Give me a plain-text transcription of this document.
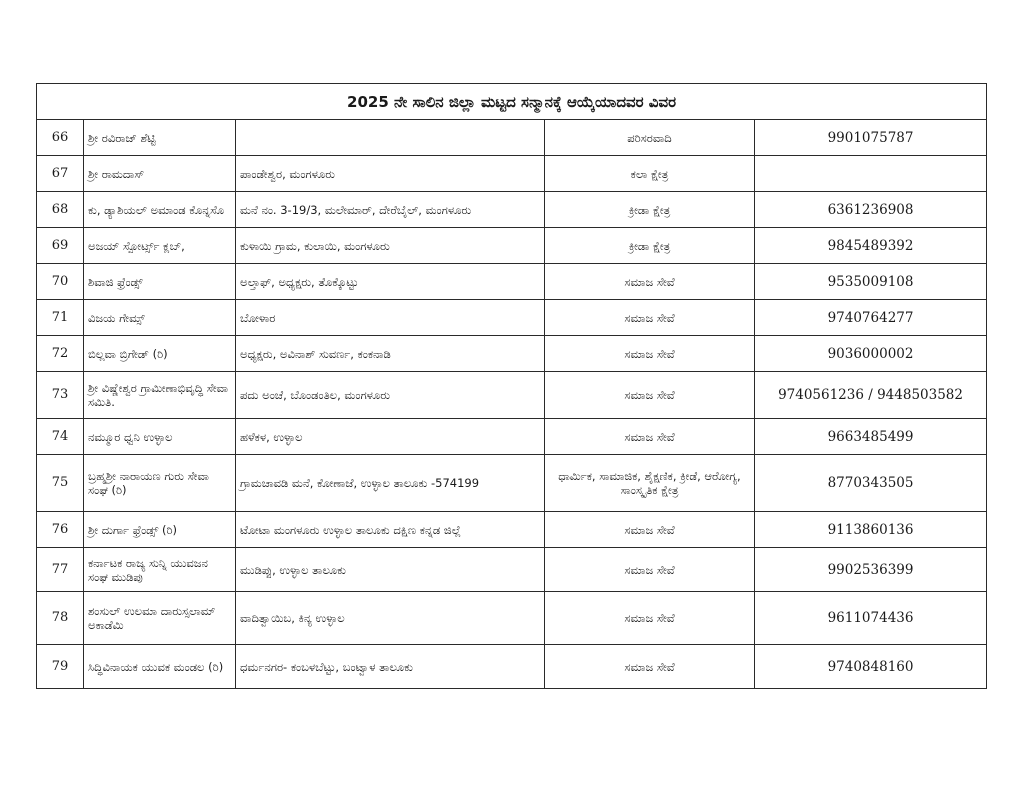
2025 ನೇ ಸಾಲಿನ ಜಿಲ್ಲಾ ಮಟ್ಟದ ಸನ್ಮಾನಕ್ಕೆ ಆಯ್ಕೆಯಾದವರ ವಿವರ				
66	ಶ್ರೀ ರವಿರಾಜ್ ಶೆಟ್ಟಿ		ಪರಿಸರವಾದಿ	9901075787
67	ಶ್ರೀ ರಾಮದಾಸ್	ಪಾಂಡೇಶ್ವರ, ಮಂಗಳೂರು	ಕಲಾ ಕ್ಷೇತ್ರ	
68	ಕು, ಡ್ಯಾಶಿಯಲ್ ಅಮಾಂಡ ಕೊನ್ನಸೊ	ಮನೆ ನಂ. 3-19/3, ಮಲೇಮಾರ್, ದೇರೆಬೈಲ್, ಮಂಗಳೂರು	ಕ್ರೀಡಾ ಕ್ಷೇತ್ರ	6361236908
69	ಅಜಯ್ ಸ್ಪೋರ್ಟ್ಸ್ ಕ್ಲಬ್,	ಕುಳಾಯಿ ಗ್ರಾಮ, ಕುಲಾಯಿ, ಮಂಗಳೂರು	ಕ್ರೀಡಾ ಕ್ಷೇತ್ರ	9845489392
70	ಶಿವಾಜಿ ಫ್ರೆಂಡ್ಸ್	ಅಲ್ತಾಫ್, ಅಧ್ಯಕ್ಷರು, ತೊಕ್ಕೊಟ್ಟು	ಸಮಾಜ ಸೇವೆ	9535009108
71	ವಿಜಯ ಗೇಮ್ಸ್	ಬೋಳಾರ	ಸಮಾಜ ಸೇವೆ	9740764277
72	ಬಿಲ್ಲವಾ ಬ್ರಿಗೇಡ್ (ರಿ)	ಅಧ್ಯಕ್ಷರು, ಅವಿನಾಶ್ ಸುವರ್ಣ, ಕಂಕನಾಡಿ	ಸಮಾಜ ಸೇವೆ	9036000002
73	ಶ್ರೀ ವಿಷ್ಣೇಶ್ವರ ಗ್ರಾಮೀಣಾಭಿವೃದ್ಧಿ ಸೇವಾ ಸಮಿತಿ.	ಪದು ಅಂಚೆ, ಬೊಂಡಂತಿಲ, ಮಂಗಳೂರು	ಸಮಾಜ ಸೇವೆ	9740561236 / 9448503582
74	ನಮ್ಮೂರ ಧ್ವನಿ ಉಳ್ಳಾಲ	ಹಳೆಕಳ, ಉಳ್ಳಾಲ	ಸಮಾಜ ಸೇವೆ	9663485499
75	ಬ್ರಹ್ಮಶ್ರೀ ನಾರಾಯಣ ಗುರು ಸೇವಾ ಸಂಘ (ರಿ)	ಗ್ರಾಮಚಾವಡಿ ಮನೆ, ಕೋಣಾಜೆ, ಉಳ್ಳಾಲ ತಾಲೂಕು -574199	ಧಾರ್ಮಿಕ, ಸಾಮಾಜಿಕ, ಶೈಕ್ಷಣಿಕ, ಕ್ರೀಡೆ, ಆರೋಗ್ಯ, ಸಾಂಸ್ಕೃತಿಕ ಕ್ಷೇತ್ರ	8770343505
76	ಶ್ರೀ ದುರ್ಗಾ ಫ್ರೆಂಡ್ಸ್ (ರಿ)	ಟೋಟಾ ಮಂಗಳೂರು ಉಳ್ಳಾಲ ತಾಲೂಕು ದಕ್ಷಿಣ ಕನ್ನಡ ಜಿಲ್ಲೆ	ಸಮಾಜ ಸೇವೆ	9113860136
77	ಕರ್ನಾಟಕ ರಾಜ್ಯ ಸುನ್ನಿ ಯುವಜನ ಸಂಘ ಮುಡಿಪು	ಮುಡಿಪ್ಪು, ಉಳ್ಳಾಲ ತಾಲೂಕು	ಸಮಾಜ ಸೇವೆ	9902536399
78	ಶಂಸುಲ್ ಉಲಮಾ ದಾರುಸ್ಸಲಾಮ್ ಅಕಾಡೆಮಿ	ವಾದಿತ್ವಾಯಿಬ, ಕಿನ್ಯ ಉಳ್ಳಾಲ	ಸಮಾಜ ಸೇವೆ	9611074436
79	ಸಿದ್ಧಿವಿನಾಯಕ ಯುವಕ ಮಂಡಲ (ರಿ)	ಧರ್ಮನಗರ- ಕಂಬಳಬೆಟ್ಟು, ಬಂಟ್ವಾಳ ತಾಲೂಕು	ಸಮಾಜ ಸೇವೆ	9740848160
